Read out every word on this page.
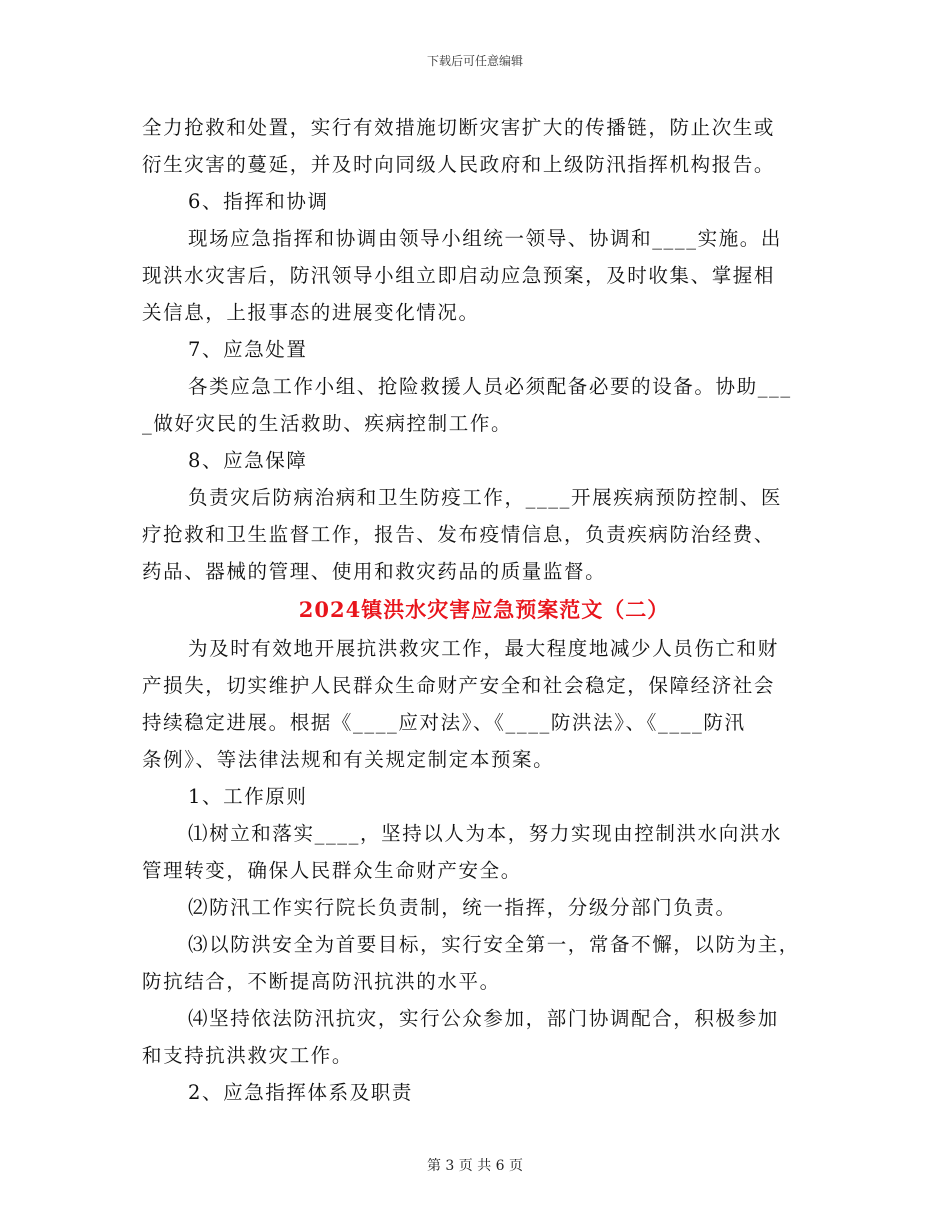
下载后可任意编辑
全力抢救和处置，实行有效措施切断灾害扩大的传播链，防止次生或
衍生灾害的蔓延，并及时向同级人民政府和上级防汛指挥机构报告。
6、指挥和协调
现场应急指挥和协调由领导小组统一领导、协调和____实施。出
现洪水灾害后，防汛领导小组立即启动应急预案，及时收集、掌握相
关信息，上报事态的进展变化情况。
7、应急处置
各类应急工作小组、抢险救援人员必须配备必要的设备。协助___
_做好灾民的生活救助、疾病控制工作。
8、应急保障
负责灾后防病治病和卫生防疫工作，____开展疾病预防控制、医
疗抢救和卫生监督工作，报告、发布疫情信息，负责疾病防治经费、
药品、器械的管理、使用和救灾药品的质量监督。
2024镇洪水灾害应急预案范文（二）
为及时有效地开展抗洪救灾工作，最大程度地减少人员伤亡和财
产损失，切实维护人民群众生命财产安全和社会稳定，保障经济社会
持续稳定进展。根据《____应对法》、《____防洪法》、《____防汛
条例》、等法律法规和有关规定制定本预案。
1、工作原则
⑴树立和落实____，坚持以人为本，努力实现由控制洪水向洪水
管理转变，确保人民群众生命财产安全。
⑵防汛工作实行院长负责制，统一指挥，分级分部门负责。
⑶以防洪安全为首要目标，实行安全第一，常备不懈，以防为主，
防抗结合，不断提高防汛抗洪的水平。
⑷坚持依法防汛抗灾，实行公众参加，部门协调配合，积极参加
和支持抗洪救灾工作。
2、应急指挥体系及职责
第 3 页 共 6 页
